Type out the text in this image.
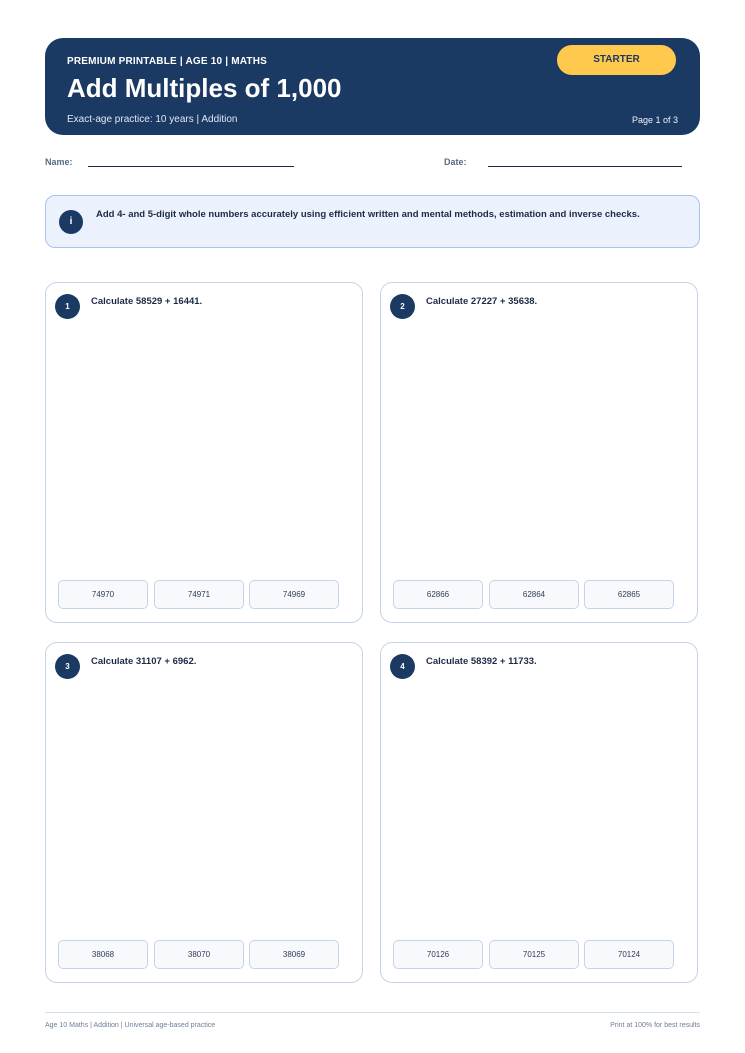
PREMIUM PRINTABLE | AGE 10 | MATHS
Add Multiples of 1,000
Exact-age practice: 10 years | Addition	Page 1 of 3
STARTER
Name:	Date:
i
Add 4- and 5-digit whole numbers accurately using efficient written and mental methods, estimation and inverse checks.
1	Calculate 58529 + 16441.
74970	74971	74969
2	Calculate 27227 + 35638.
62866	62864	62865
3	Calculate 31107 + 6962.
38068	38070	38069
4	Calculate 58392 + 11733.
70126	70125	70124
Age 10 Maths | Addition | Universal age-based practice	Print at 100% for best results
